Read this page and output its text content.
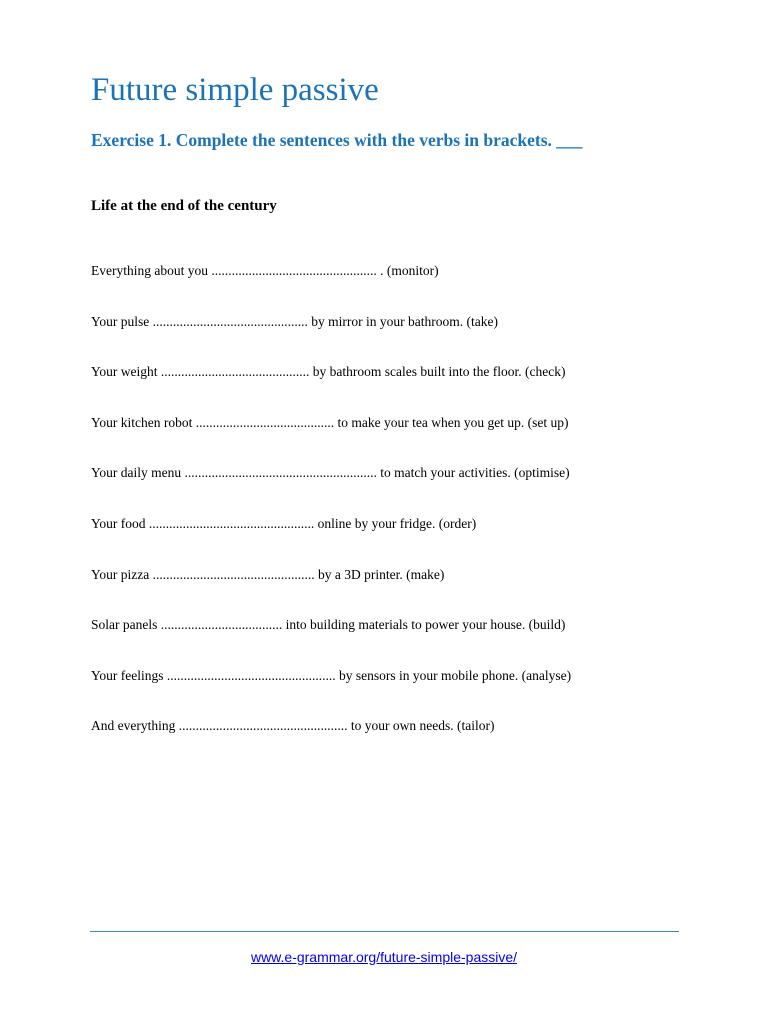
Future simple passive
Exercise 1. Complete the sentences with the verbs in brackets. ___
Life at the end of the century
Everything about you ................................................. . (monitor)
Your pulse .............................................. by mirror in your bathroom. (take)
Your weight ............................................ by bathroom scales built into the floor. (check)
Your kitchen robot ......................................... to make your tea when you get up. (set up)
Your daily menu ......................................................... to match your activities. (optimise)
Your food ................................................. online by your fridge. (order)
Your pizza ................................................ by a 3D printer. (make)
Solar panels .................................... into building materials to power your house. (build)
Your feelings .................................................. by sensors in your mobile phone. (analyse)
And everything .................................................. to your own needs. (tailor)
www.e-grammar.org/future-simple-passive/
